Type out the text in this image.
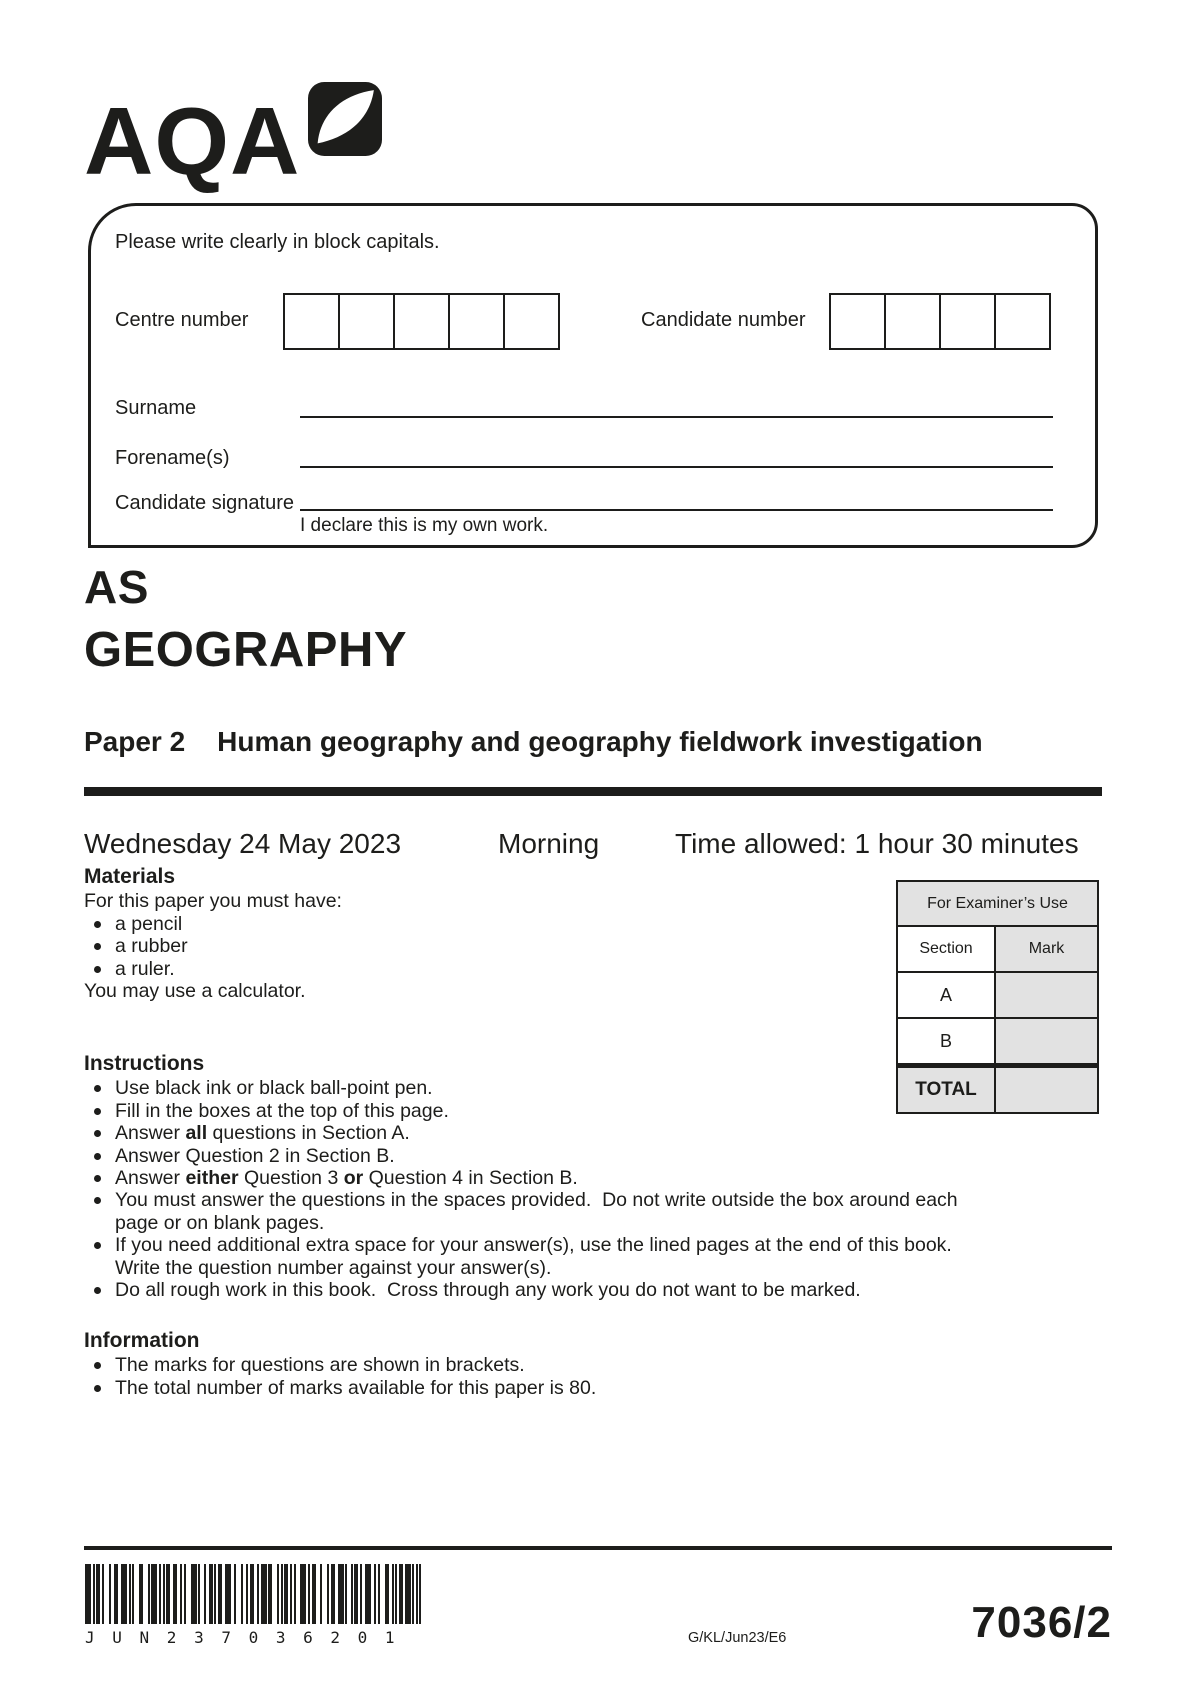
AQA
Please write clearly in block capitals.
Centre number	Candidate number
Surname
Forename(s)
Candidate signature
I declare this is my own work.
AS
GEOGRAPHY
Paper 2 Human geography and geography fieldwork investigation
Wednesday 24 May 2023	Morning	Time allowed: 1 hour 30 minutes
Materials
For this paper you must have:
a pencil
a rubber
a ruler.
You may use a calculator.
For Examiner’s Use
Section	Mark
A
B
TOTAL
Instructions
Use black ink or black ball-point pen.
Fill in the boxes at the top of this page.
Answer all questions in Section A.
Answer Question 2 in Section B.
Answer either Question 3 or Question 4 in Section B.
You must answer the questions in the spaces provided.  Do not write outside the box around each
page or on blank pages.
If you need additional extra space for your answer(s), use the lined pages at the end of this book.
Write the question number against your answer(s).
Do all rough work in this book.  Cross through any work you do not want to be marked.
Information
The marks for questions are shown in brackets.
The total number of marks available for this paper is 80.
J U N 2 3 7 0 3 6 2 0 1	G/KL/Jun23/E6	7036/2
